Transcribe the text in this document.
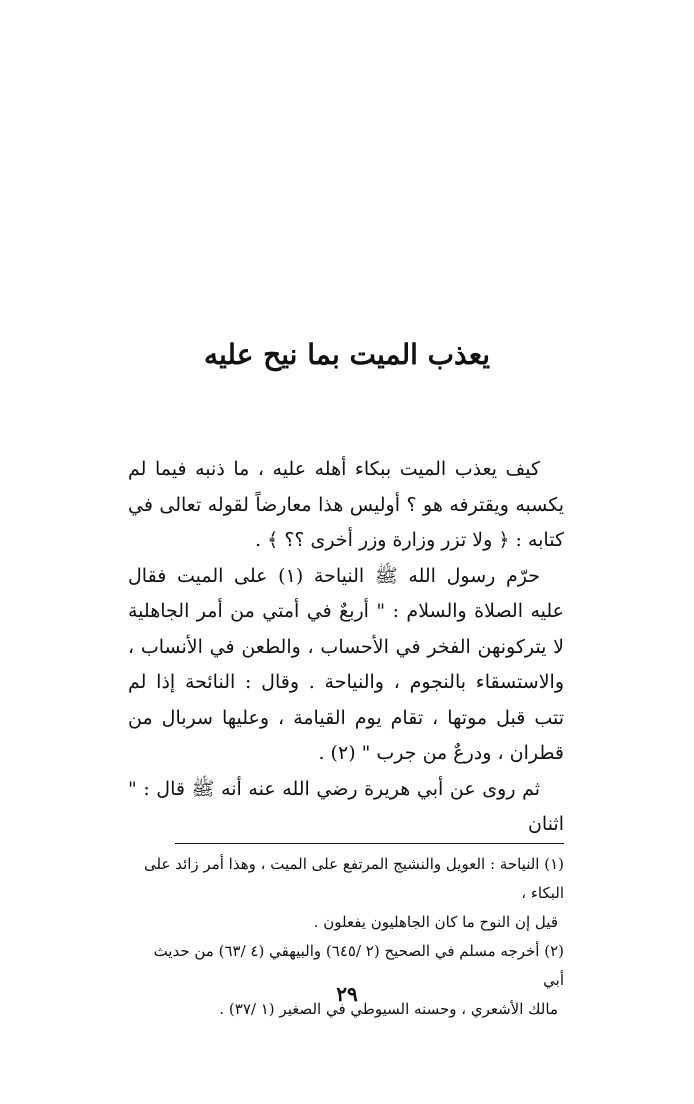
يعذب الميت بما نيح عليه

كيف يعذب الميت ببكاء أهله عليه ، ما ذنبه فيما لم يكسبه ويقترفه هو ؟ أوليس هذا معارضاً لقوله تعالى في كتابه : ﴿ ولا تزر وزارة وزر أخرى ؟؟ ﴾ .

حرّم رسول الله ﷺ النياحة (١) على الميت فقال عليه الصلاة والسلام : " أربعٌ في أمتي من أمر الجاهلية لا يتركونهن الفخر في الأحساب ، والطعن في الأنساب ، والاستسقاء بالنجوم ، والنياحة . وقال : النائحة إذا لم تتب قبل موتها ، تقام يوم القيامة ، وعليها سربال من قطران ، ودرعٌ من جرب " (٢) .

ثم روى عن أبي هريرة رضي الله عنه أنه ﷺ قال : " اثنان

(١) النياحة : العويل والنشيج المرتفع على الميت ، وهذا أمر زائد على البكاء ،

قيل إن النوح ما كان الجاهليون يفعلون .

(٢) أخرجه مسلم في الصحيح (٢ /٦٤٥) والبيهقي (٤ /٦٣) من حديث أبي

مالك الأشعري ، وحسنه السيوطي في الصغير (١ /٣٧) .

٢٩
